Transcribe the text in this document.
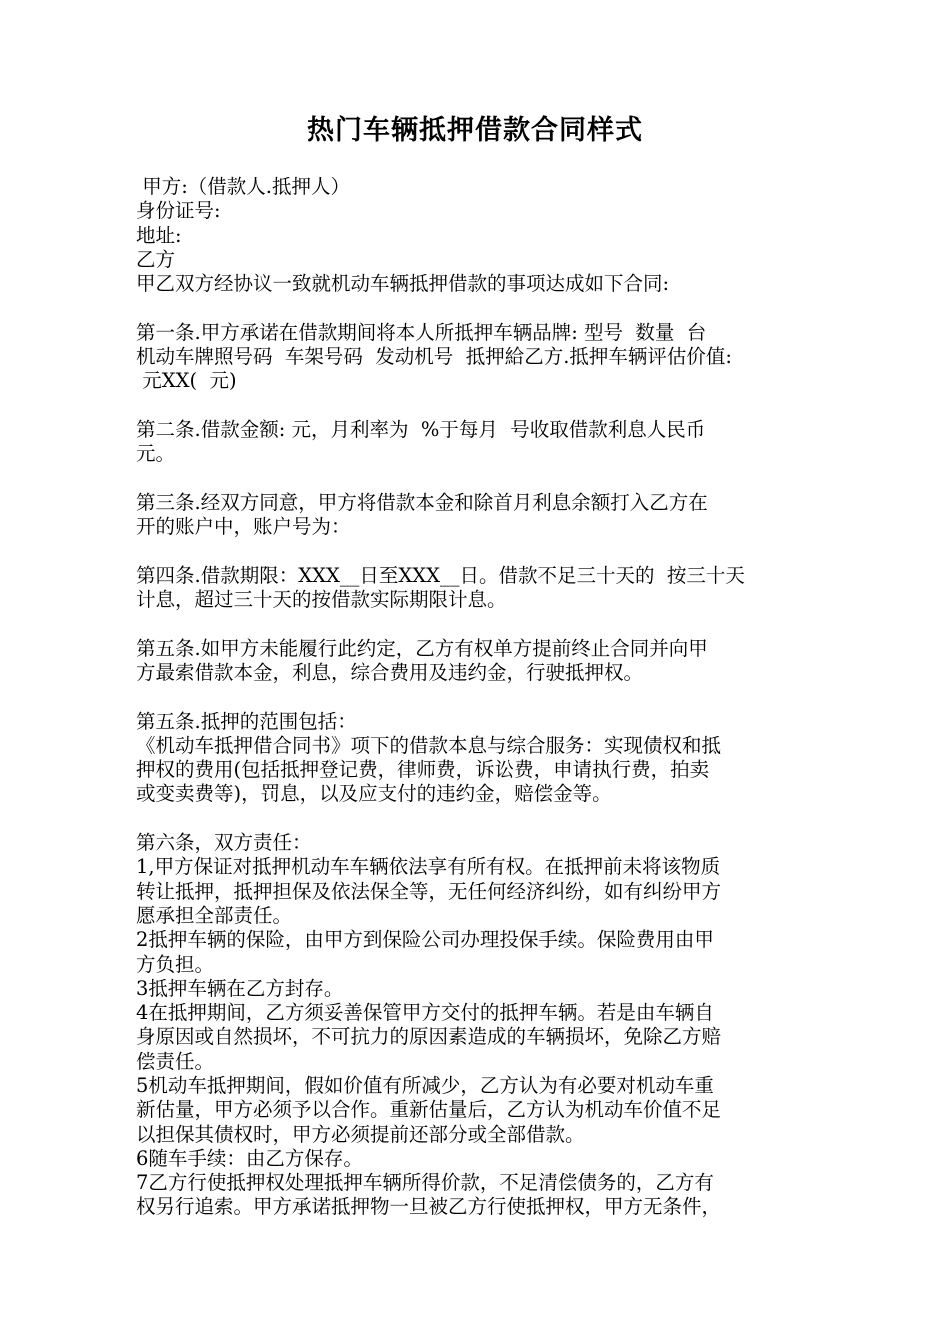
热门车辆抵押借款合同样式
甲方:（借款人.抵押人）
身份证号:
地址:
乙方
甲乙双方经协议一致就机动车辆抵押借款的事项达成如下合同:
第一条.甲方承诺在借款期间将本人所抵押车辆品牌: 型号  数量  台
机动车牌照号码  车架号码  发动机号  抵押給乙方.抵押车辆评估价值:
元XX(  元)
第二条.借款金额: 元，月利率为  %于每月  号收取借款利息人民币
元。
第三条.经双方同意，甲方将借款本金和除首月利息余额打入乙方在
开的账户中，账户号为：
第四条.借款期限：XXX__日至XXX__日。借款不足三十天的  按三十天
计息，超过三十天的按借款实际期限计息。
第五条.如甲方未能履行此约定，乙方有权单方提前终止合同并向甲
方最索借款本金，利息，综合费用及违约金，行驶抵押权。
第五条.抵押的范围包括：
《机动车抵押借合同书》项下的借款本息与综合服务：实现债权和抵
押权的费用(包括抵押登记费，律师费，诉讼费，申请执行费，拍卖
或变卖费等)，罚息，以及应支付的违约金，赔偿金等。
第六条，双方责任：
1,甲方保证对抵押机动车车辆依法享有所有权。在抵押前未将该物质
转让抵押，抵押担保及依法保全等，无任何经济纠纷，如有纠纷甲方
愿承担全部责任。
2抵押车辆的保险，由甲方到保险公司办理投保手续。保险费用由甲
方负担。
3抵押车辆在乙方封存。
4在抵押期间，乙方须妥善保管甲方交付的抵押车辆。若是由车辆自
身原因或自然损坏，不可抗力的原因素造成的车辆损坏，免除乙方赔
偿责任。
5机动车抵押期间，假如价值有所减少，乙方认为有必要对机动车重
新估量，甲方必须予以合作。重新估量后，乙方认为机动车价值不足
以担保其债权时，甲方必须提前还部分或全部借款。
6随车手续：由乙方保存。
7乙方行使抵押权处理抵押车辆所得价款，不足清偿债务的，乙方有
权另行追索。甲方承诺抵押物一旦被乙方行使抵押权，甲方无条件，
